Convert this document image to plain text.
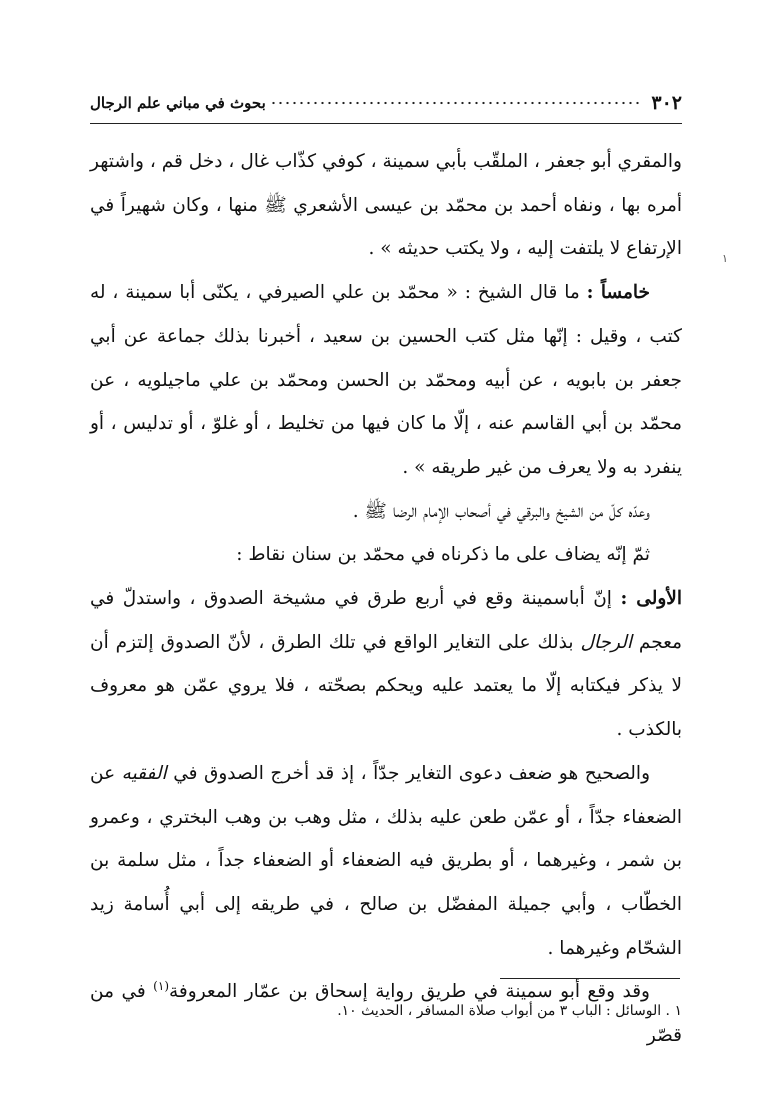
٣٠٢
بحوث في مباني علم الرجال
١

والمقري أبو جعفر ، الملقّب بأبي سمينة ، كوفي كذّاب غال ، دخل قم ، واشتهر أمره بها ، ونفاه أحمد بن محمّد بن عيسى الأشعري ﷺ منها ، وكان شهيراً في الإرتفاع لا يلتفت إليه ، ولا يكتب حديثه » .

خامساً : ما قال الشيخ : « محمّد بن علي الصيرفي ، يكنّى أبا سمينة ، له كتب ، وقيل : إنّها مثل كتب الحسين بن سعيد ، أخبرنا بذلك جماعة عن أبي جعفر بن بابويه ، عن أبيه ومحمّد بن الحسن ومحمّد بن علي ماجيلويه ، عن محمّد بن أبي القاسم عنه ، إلّا ما كان فيها من تخليط ، أو غلوّ ، أو تدليس ، أو ينفرد به ولا يعرف من غير طريقه » .

وعدّه كلّ من الشيخ والبرقي في أصحاب الإمام الرضا ﷺ .

ثمّ إنّه يضاف على ما ذكرناه في محمّد بن سنان نقاط :

الأولى : إنّ أباسمينة وقع في أربع طرق في مشيخة الصدوق ، واستدلّ في معجم الرجال بذلك على التغاير الواقع في تلك الطرق ، لأنّ الصدوق إلتزم أن لا يذكر فيكتابه إلّا ما يعتمد عليه ويحكم بصحّته ، فلا يروي عمّن هو معروف بالكذب .

والصحيح هو ضعف دعوى التغاير جدّاً ، إذ قد أخرج الصدوق في الفقيه عن الضعفاء جدّاً ، أو عمّن طعن عليه بذلك ، مثل وهب بن وهب البختري ، وعمرو بن شمر ، وغيرهما ، أو بطريق فيه الضعفاء أو الضعفاء جداً ، مثل سلمة بن الخطّاب ، وأبي جميلة المفضّل بن صالح ، في طريقه إلى أبي أُسامة زيد الشحّام وغيرهما .

وقد وقع أبو سمينة في طريق رواية إسحاق بن عمّار المعروفة$^{(١)}$ في من قصّر

١ . الوسائل : الباب ٣ من أبواب صلاة المسافر ، الحديث ١٠.
